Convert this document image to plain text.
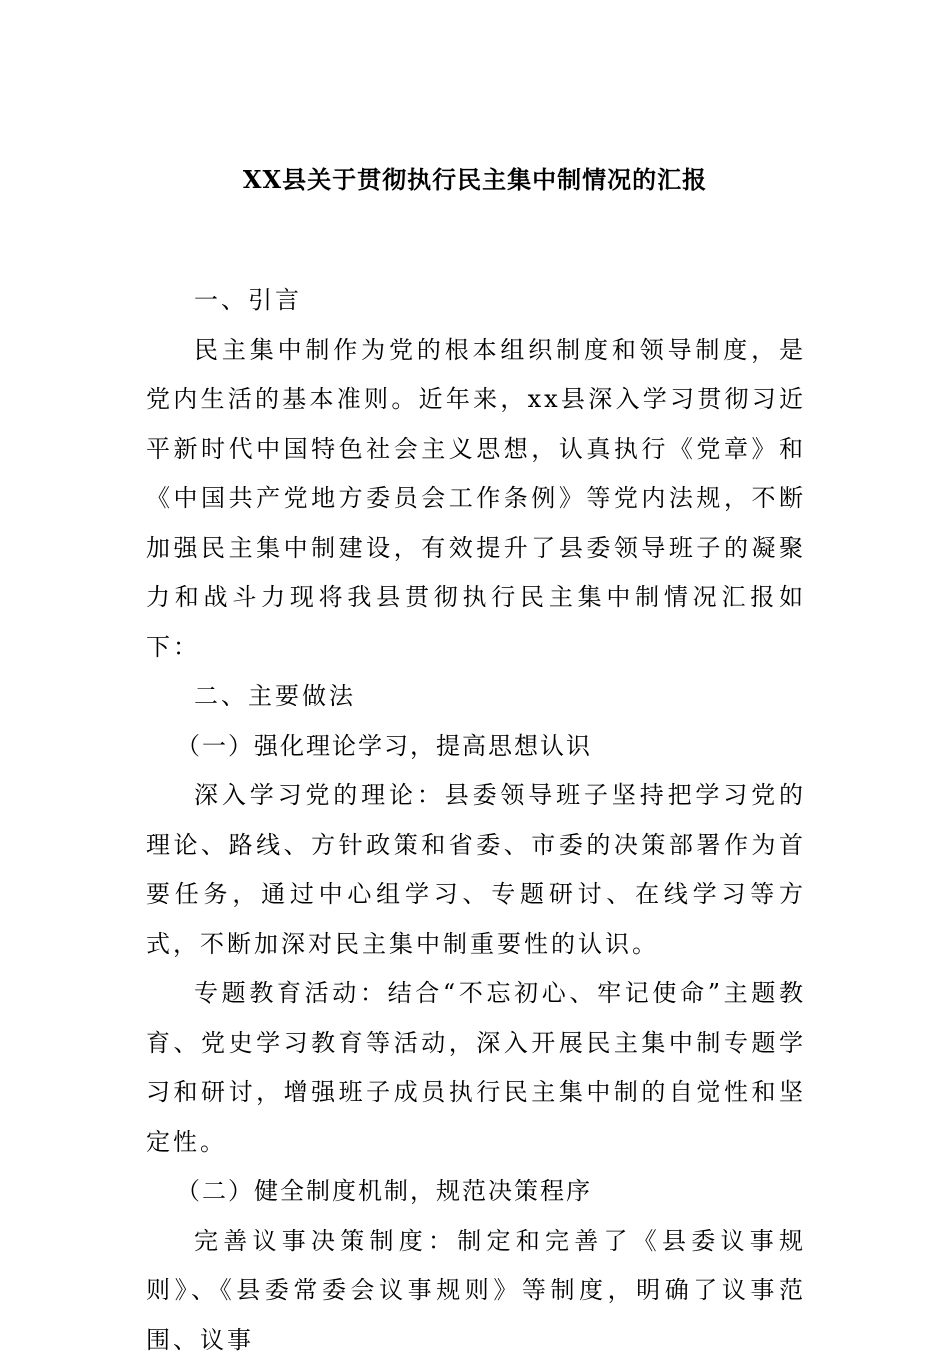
XX县关于贯彻执行民主集中制情况的汇报

一、引言

民主集中制作为党的根本组织制度和领导制度，是党内生活的基本准则。近年来，xx县深入学习贯彻习近平新时代中国特色社会主义思想，认真执行《党章》和《中国共产党地方委员会工作条例》等党内法规，不断加强民主集中制建设，有效提升了县委领导班子的凝聚力和战斗力现将我县贯彻执行民主集中制情况汇报如下：

二、主要做法

（一）强化理论学习，提高思想认识

深入学习党的理论：县委领导班子坚持把学习党的理论、路线、方针政策和省委、市委的决策部署作为首要任务，通过中心组学习、专题研讨、在线学习等方式，不断加深对民主集中制重要性的认识。

专题教育活动：结合“不忘初心、牢记使命”主题教育、党史学习教育等活动，深入开展民主集中制专题学习和研讨，增强班子成员执行民主集中制的自觉性和坚定性。

（二）健全制度机制，规范决策程序

完善议事决策制度：制定和完善了《县委议事规则》、《县委常委会议事规则》等制度，明确了议事范围、议事
